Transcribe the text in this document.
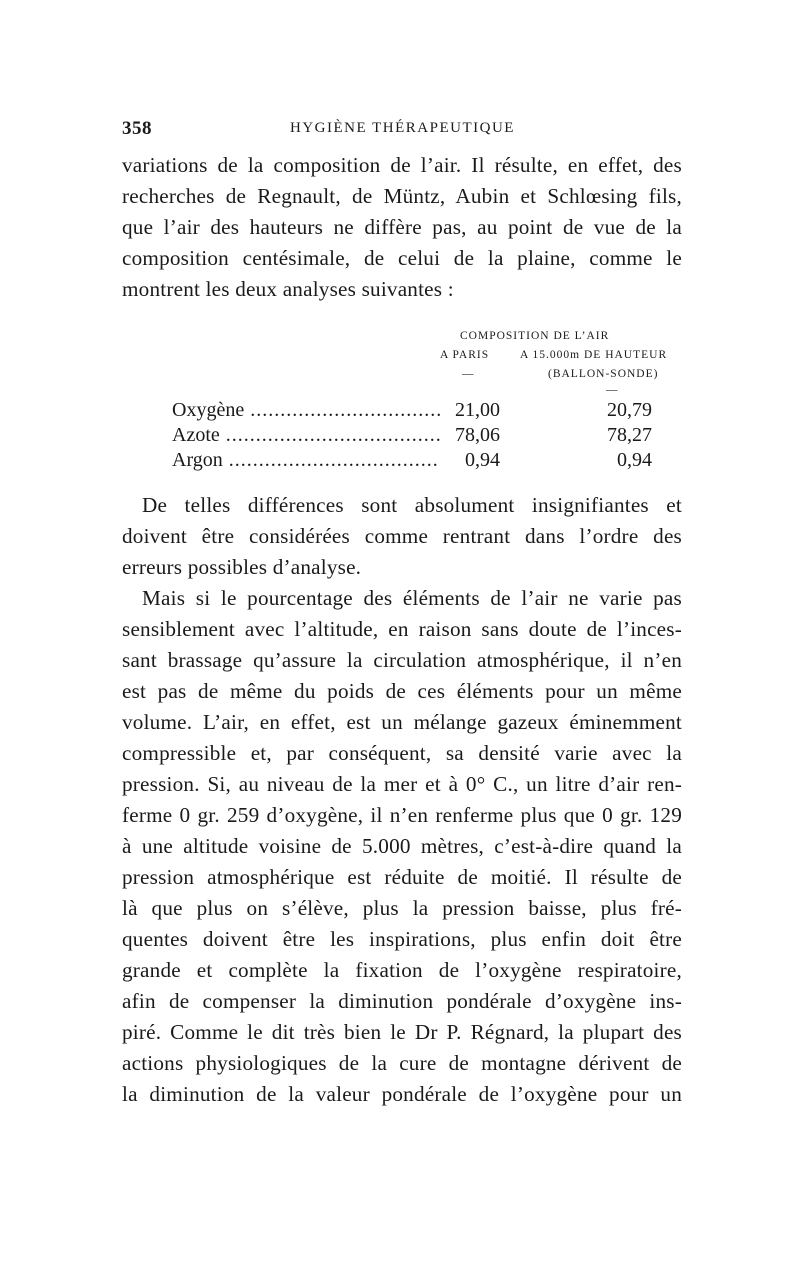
358	HYGIÈNE THÉRAPEUTIQUE
variations de la composition de l’air. Il résulte, en effet, des
recherches de Regnault, de Müntz, Aubin et Schlœsing fils,
que l’air des hauteurs ne diffère pas, au point de vue de la
composition centésimale, de celui de la plaine, comme le
montrent les deux analyses suivantes :
COMPOSITION DE L’AIR
A PARIS	A 15.000m DE HAUTEUR
—	(BALLON-SONDE)
—
Oxygène .....	21,00	20,79
Azote .....	78,06	78,27
Argon .....	0,94	0,94
De telles différences sont absolument insignifiantes et
doivent être considérées comme rentrant dans l’ordre des
erreurs possibles d’analyse.
Mais si le pourcentage des éléments de l’air ne varie pas
sensiblement avec l’altitude, en raison sans doute de l’inces-
sant brassage qu’assure la circulation atmosphérique, il n’en
est pas de même du poids de ces éléments pour un même
volume. L’air, en effet, est un mélange gazeux éminemment
compressible et, par conséquent, sa densité varie avec la
pression. Si, au niveau de la mer et à 0° C., un litre d’air ren-
ferme 0 gr. 259 d’oxygène, il n’en renferme plus que 0 gr. 129
à une altitude voisine de 5.000 mètres, c’est-à-dire quand la
pression atmosphérique est réduite de moitié. Il résulte de
là que plus on s’élève, plus la pression baisse, plus fré-
quentes doivent être les inspirations, plus enfin doit être
grande et complète la fixation de l’oxygène respiratoire,
afin de compenser la diminution pondérale d’oxygène ins-
piré. Comme le dit très bien le Dr P. Régnard, la plupart des
actions physiologiques de la cure de montagne dérivent de
la diminution de la valeur pondérale de l’oxygène pour un
